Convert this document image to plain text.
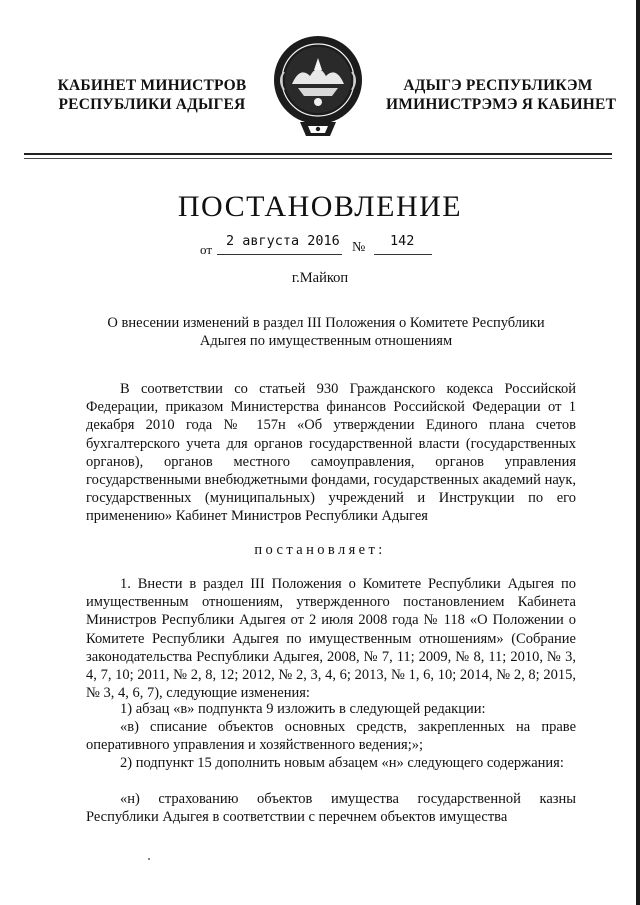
КАБИНЕТ МИНИСТРОВ
РЕСПУБЛИКИ АДЫГЕЯ
АДЫГЭ РЕСПУБЛИКЭМ
ИМИНИСТРЭМЭ Я КАБИНЕТ
ПОСТАНОВЛЕНИЕ
от
2 августа 2016 № 142
г.Майкоп
О внесении изменений в раздел III Положения о Комитете Республики
Адыгея по имущественным отношениям
В соответствии со статьей 930 Гражданского кодекса Российской Федерации, приказом Министерства финансов Российской Федерации от 1 декабря 2010 года № 157н «Об утверждении Единого плана счетов бухгалтерского учета для органов государственной власти (государственных органов), органов местного самоуправления, органов управления государственными внебюджетными фондами, государственных академий наук, государственных (муниципальных) учреждений и Инструкции по его применению» Кабинет Министров Республики Адыгея
постановляет:
1. Внести в раздел III Положения о Комитете Республики Адыгея по имущественным отношениям, утвержденного постановлением Кабинета Министров Республики Адыгея от 2 июля 2008 года № 118 «О Положении о Комитете Республики Адыгея по имущественным отношениям» (Собрание законодательства Республики Адыгея, 2008, № 7, 11; 2009, № 8, 11; 2010, № 3, 4, 7, 10; 2011, № 2, 8, 12; 2012, № 2, 3, 4, 6; 2013, № 1, 6, 10; 2014, № 2, 8; 2015, № 3, 4, 6, 7), следующие изменения:
1) абзац «в» подпункта 9 изложить в следующей редакции:
«в) списание объектов основных средств, закрепленных на праве оперативного управления и хозяйственного ведения;»;
2) подпункт 15 дополнить новым абзацем «н» следующего содержания:
«н) страхованию объектов имущества государственной казны Республики Адыгея в соответствии с перечнем объектов имущества
